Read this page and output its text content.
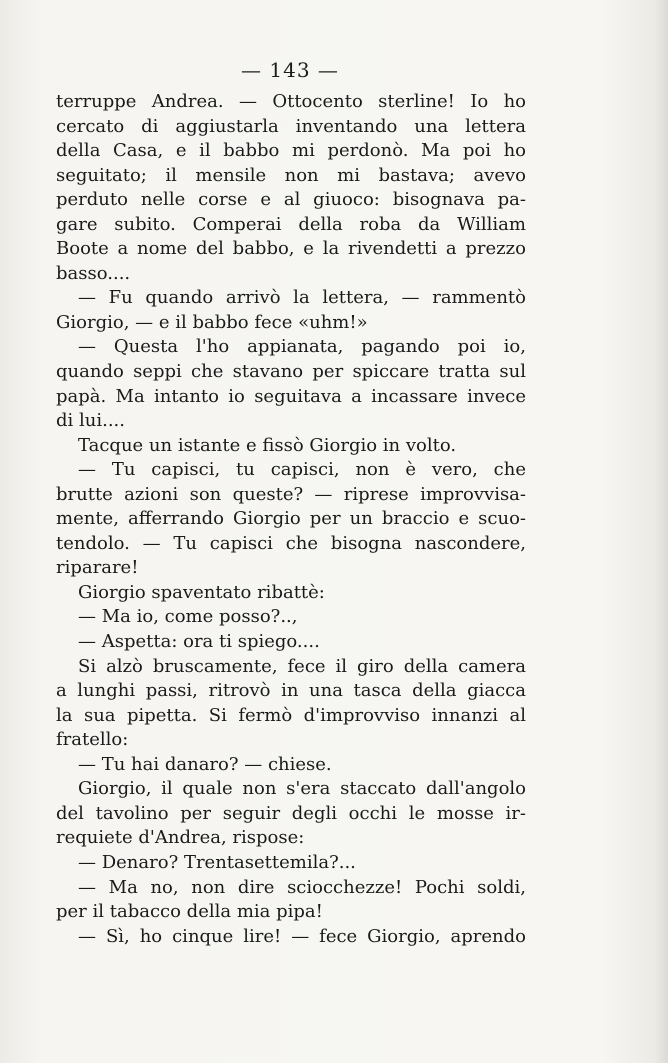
— 143 —
terruppe Andrea. — Ottocento sterline! Io ho
cercato di aggiustarla inventando una lettera
della Casa, e il babbo mi perdonò. Ma poi ho
seguitato; il mensile non mi bastava; avevo
perduto nelle corse e al giuoco: bisognava pa-
gare subito. Comperai della roba da William
Boote a nome del babbo, e la rivendetti a prezzo
basso....
— Fu quando arrivò la lettera, — rammentò
Giorgio, — e il babbo fece «uhm!»
— Questa l'ho appianata, pagando poi io,
quando seppi che stavano per spiccare tratta sul
papà. Ma intanto io seguitava a incassare invece
di lui....
Tacque un istante e fissò Giorgio in volto.
— Tu capisci, tu capisci, non è vero, che
brutte azioni son queste? — riprese improvvisa-
mente, afferrando Giorgio per un braccio e scuo-
tendolo. — Tu capisci che bisogna nascondere,
riparare!
Giorgio spaventato ribattè:
— Ma io, come posso?..,
— Aspetta: ora ti spiego....
Si alzò bruscamente, fece il giro della camera
a lunghi passi, ritrovò in una tasca della giacca
la sua pipetta. Si fermò d'improvviso innanzi al
fratello:
— Tu hai danaro? — chiese.
Giorgio, il quale non s'era staccato dall'angolo
del tavolino per seguir degli occhi le mosse ir-
requiete d'Andrea, rispose:
— Denaro? Trentasettemila?...
— Ma no, non dire sciocchezze! Pochi soldi,
per il tabacco della mia pipa!
— Sì, ho cinque lire! — fece Giorgio, aprendo
